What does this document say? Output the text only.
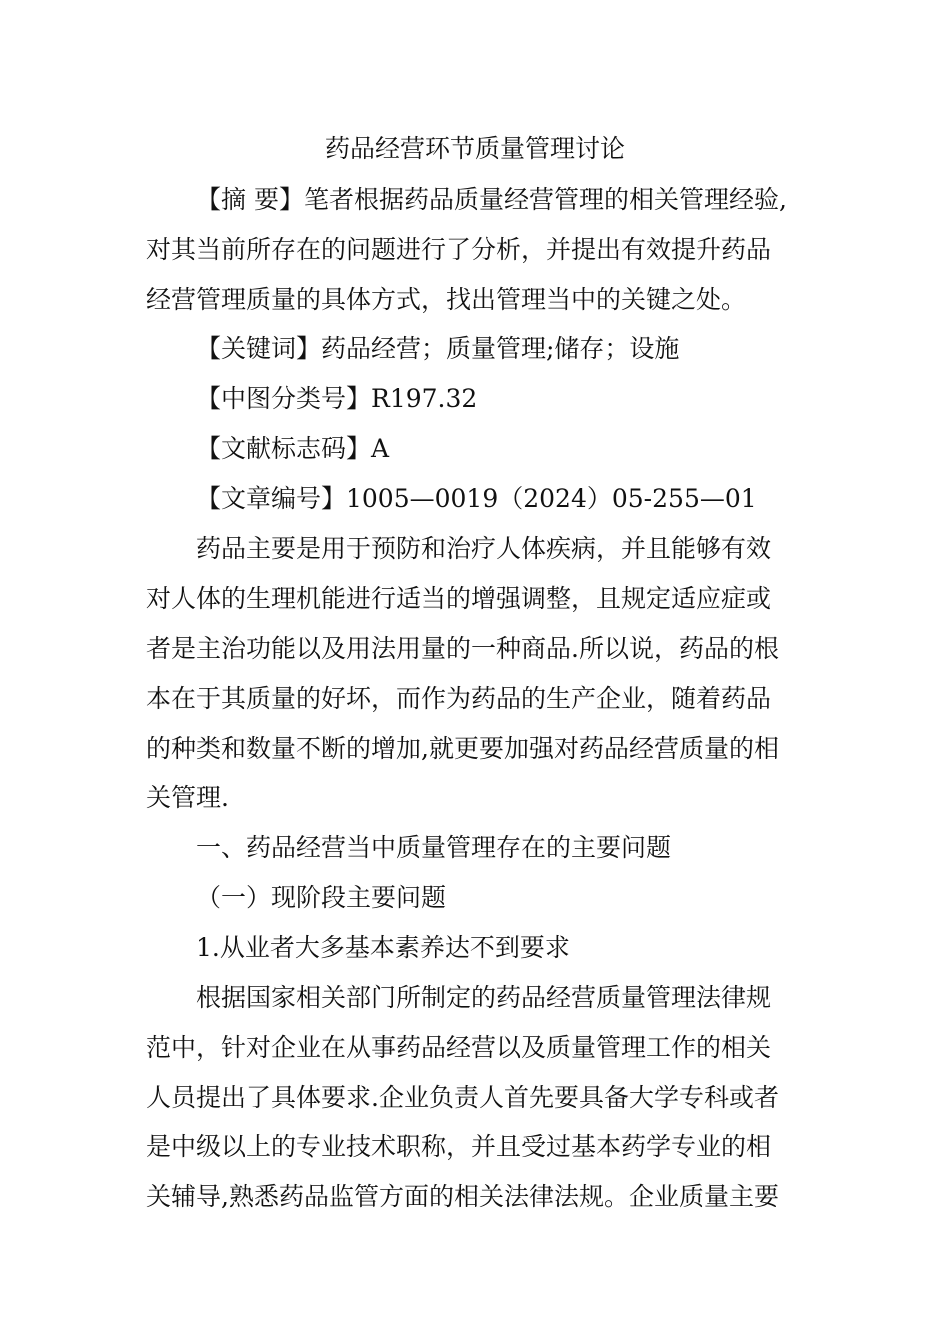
药品经营环节质量管理讨论
【摘 要】笔者根据药品质量经营管理的相关管理经验,
对其当前所存在的问题进行了分析，并提出有效提升药品
经营管理质量的具体方式，找出管理当中的关键之处。
【关键词】药品经营；质量管理;储存；设施
【中图分类号】R197.32
【文献标志码】A
【文章编号】1005—0019（2024）05-255—01
药品主要是用于预防和治疗人体疾病，并且能够有效
对人体的生理机能进行适当的增强调整，且规定适应症或
者是主治功能以及用法用量的一种商品.所以说，药品的根
本在于其质量的好坏，而作为药品的生产企业，随着药品
的种类和数量不断的增加,就更要加强对药品经营质量的相
关管理.
一、药品经营当中质量管理存在的主要问题
（一）现阶段主要问题
1.从业者大多基本素养达不到要求
根据国家相关部门所制定的药品经营质量管理法律规
范中，针对企业在从事药品经营以及质量管理工作的相关
人员提出了具体要求.企业负责人首先要具备大学专科或者
是中级以上的专业技术职称，并且受过基本药学专业的相
关辅导,熟悉药品监管方面的相关法律法规。企业质量主要
